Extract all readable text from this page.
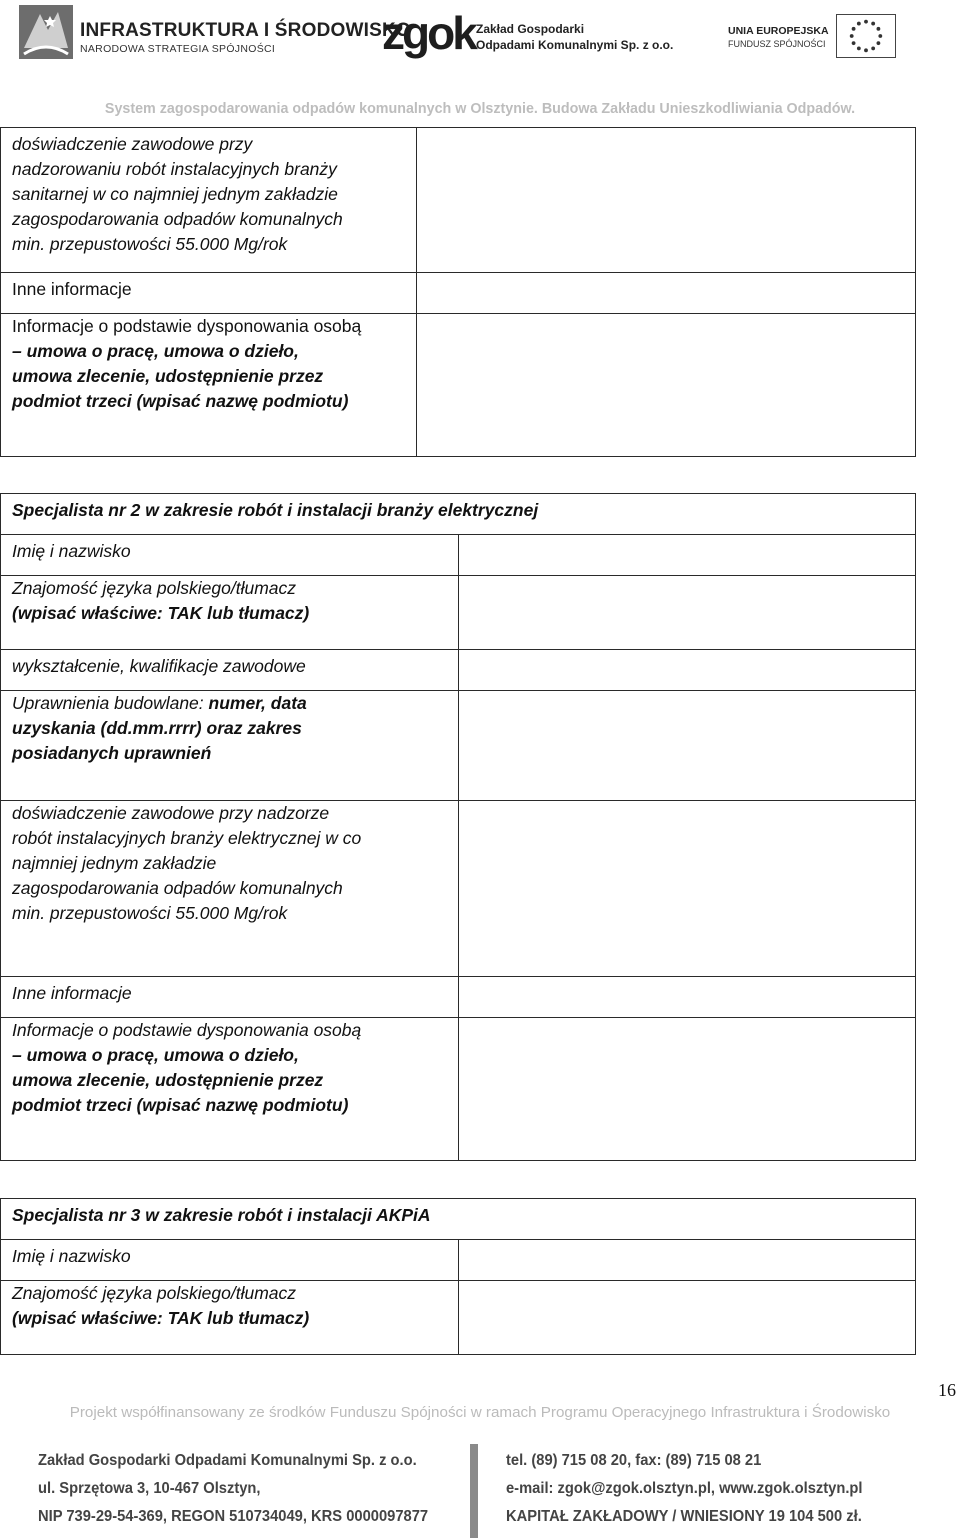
INFRASTRUKTURA I ŚRODOWISKO
NARODOWA STRATEGIA SPÓJNOŚCI zgok Zakład Gospodarki
Odpadami Komunalnymi Sp. z o.o.
UNIA EUROPEJSKA
FUNDUSZ SPÓJNOŚCI
System zagospodarowania odpadów komunalnych w Olsztynie. Budowa Zakładu Unieszkodliwiania Odpadów.
doświadczenie zawodowe przy
nadzorowaniu robót instalacyjnych branży
sanitarnej w co najmniej jednym zakładzie
zagospodarowania odpadów komunalnych
min. przepustowości 55.000 Mg/rok	

Inne informacje	

Informacje o podstawie dysponowania osobą
– umowa o pracę, umowa o dzieło,
umowa zlecenie, udostępnienie przez
podmiot trzeci (wpisać nazwę podmiotu)	

Specjalista nr 2 w zakresie robót i instalacji branży elektrycznej	
Imię i nazwisko	

Znajomość języka polskiego/tłumacz
(wpisać właściwe: TAK lub tłumacz)	

wykształcenie, kwalifikacje zawodowe	

Uprawnienia budowlane: numer, data
uzyskania (dd.mm.rrrr) oraz zakres
posiadanych uprawnień	

doświadczenie zawodowe przy nadzorze
robót instalacyjnych branży elektrycznej w co
najmniej jednym zakładzie
zagospodarowania odpadów komunalnych
min. przepustowości 55.000 Mg/rok	

Inne informacje	

Informacje o podstawie dysponowania osobą
– umowa o pracę, umowa o dzieło,
umowa zlecenie, udostępnienie przez
podmiot trzeci (wpisać nazwę podmiotu)	

Specjalista nr 3 w zakresie robót i instalacji AKPiA	
Imię i nazwisko	

Znajomość języka polskiego/tłumacz
(wpisać właściwe: TAK lub tłumacz)	

16
Projekt współfinansowany ze środków Funduszu Spójności w ramach Programu Operacyjnego Infrastruktura i Środowisko
Zakład Gospodarki Odpadami Komunalnymi Sp. z o.o.
ul. Sprzętowa 3, 10-467 Olsztyn,
NIP 739-29-54-369, REGON 510734049, KRS 0000097877
tel. (89) 715 08 20, fax: (89) 715 08 21
e-mail: zgok@zgok.olsztyn.pl, www.zgok.olsztyn.pl
KAPITAŁ ZAKŁADOWY / WNIESIONY 19 104 500 zł.
